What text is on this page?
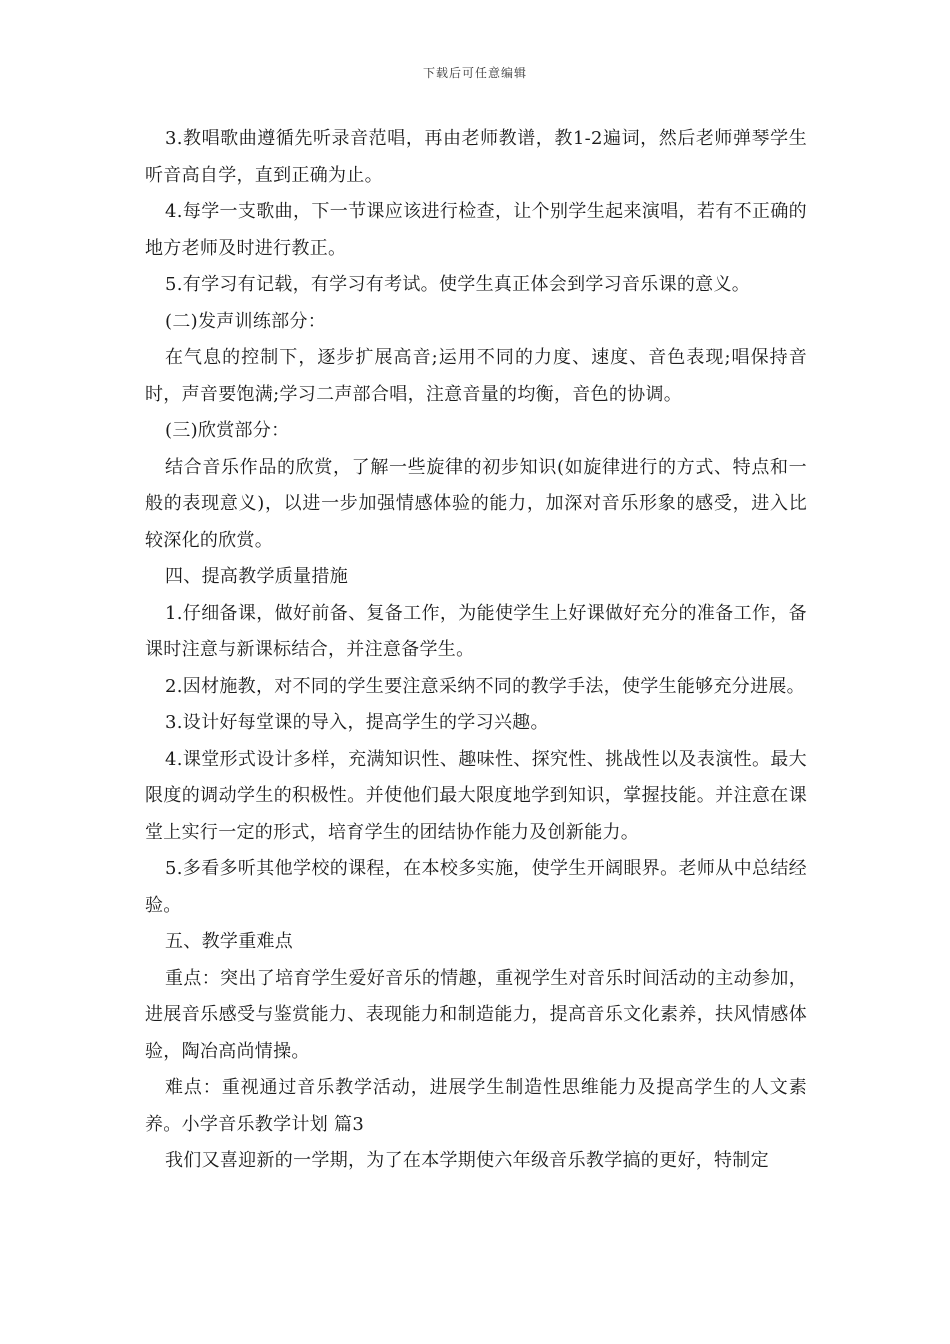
下载后可任意编辑

3.教唱歌曲遵循先听录音范唱，再由老师教谱，教1-2遍词，然后老师弹琴学生听音高自学，直到正确为止。

4.每学一支歌曲，下一节课应该进行检查，让个别学生起来演唱，若有不正确的地方老师及时进行教正。

5.有学习有记载，有学习有考试。使学生真正体会到学习音乐课的意义。

(二)发声训练部分：

在气息的控制下，逐步扩展高音;运用不同的力度、速度、音色表现;唱保持音时，声音要饱满;学习二声部合唱，注意音量的均衡，音色的协调。

(三)欣赏部分：

结合音乐作品的欣赏，了解一些旋律的初步知识(如旋律进行的方式、特点和一般的表现意义)，以进一步加强情感体验的能力，加深对音乐形象的感受，进入比较深化的欣赏。

四、提高教学质量措施

1.仔细备课，做好前备、复备工作，为能使学生上好课做好充分的准备工作，备课时注意与新课标结合，并注意备学生。

2.因材施教，对不同的学生要注意采纳不同的教学手法，使学生能够充分进展。

3.设计好每堂课的导入，提高学生的学习兴趣。

4.课堂形式设计多样，充满知识性、趣味性、探究性、挑战性以及表演性。最大限度的调动学生的积极性。并使他们最大限度地学到知识，掌握技能。并注意在课堂上实行一定的形式，培育学生的团结协作能力及创新能力。

5.多看多听其他学校的课程，在本校多实施，使学生开阔眼界。老师从中总结经验。

五、教学重难点

重点：突出了培育学生爱好音乐的情趣，重视学生对音乐时间活动的主动参加，进展音乐感受与鉴赏能力、表现能力和制造能力，提高音乐文化素养，扶风情感体验，陶冶高尚情操。

难点：重视通过音乐教学活动，进展学生制造性思维能力及提高学生的人文素养。小学音乐教学计划 篇3

我们又喜迎新的一学期，为了在本学期使六年级音乐教学搞的更好，特制定
